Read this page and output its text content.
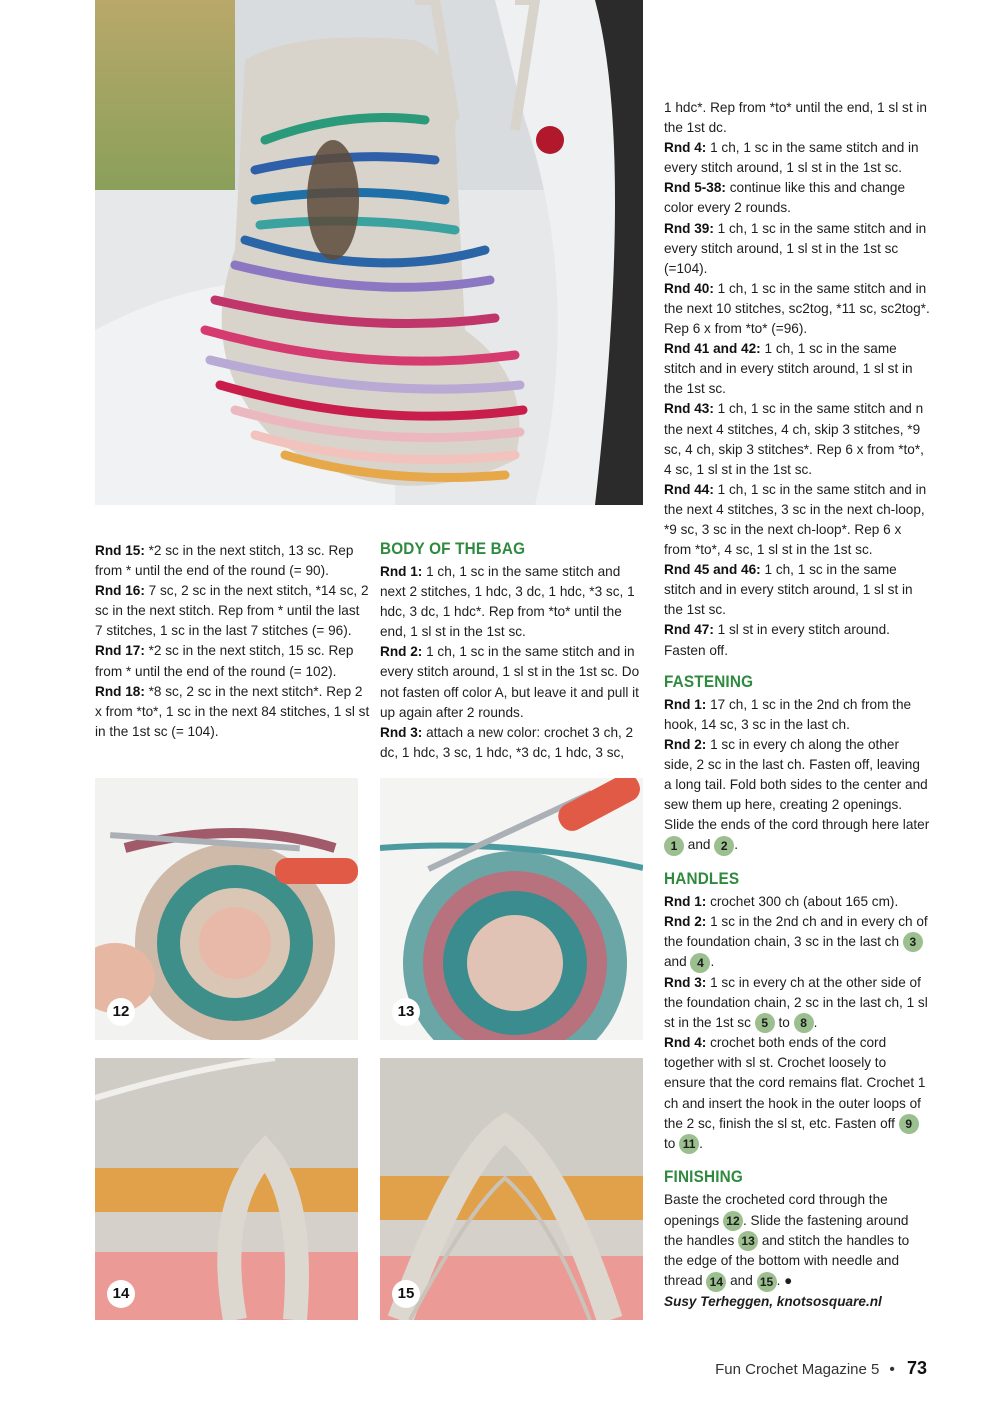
Rnd 15: *2 sc in the next stitch, 13 sc. Rep from * until the end of the round (= 90).

Rnd 16: 7 sc, 2 sc in the next stitch, *14 sc, 2 sc in the next stitch. Rep from * until the last 7 stitches, 1 sc in the last 7 stitches (= 96).

Rnd 17: *2 sc in the next stitch, 15 sc. Rep from * until the end of the round (= 102).

Rnd 18: *8 sc, 2 sc in the next stitch*. Rep 2 x from *to*, 1 sc in the next 84 stitches, 1 sl st in the 1st sc (= 104).

BODY OF THE BAG

Rnd 1: 1 ch, 1 sc in the same stitch and next 2 stitches, 1 hdc, 3 dc, 1 hdc, *3 sc, 1 hdc, 3 dc, 1 hdc*. Rep from *to* until the end, 1 sl st in the 1st sc.

Rnd 2: 1 ch, 1 sc in the same stitch and in every stitch around, 1 sl st in the 1st sc. Do not fasten off color A, but leave it and pull it up again after 2 rounds.

Rnd 3: attach a new color: crochet 3 ch, 2 dc, 1 hdc, 3 sc, 1 hdc, *3 dc, 1 hdc, 3 sc,

1 hdc*. Rep from *to* until the end, 1 sl st in the 1st dc.

Rnd 4: 1 ch, 1 sc in the same stitch and in every stitch around, 1 sl st in the 1st sc.

Rnd 5-38: continue like this and change color every 2 rounds.

Rnd 39: 1 ch, 1 sc in the same stitch and in every stitch around, 1 sl st in the 1st sc (=104).

Rnd 40: 1 ch, 1 sc in the same stitch and in the next 10 stitches, sc2tog, *11 sc, sc2tog*. Rep 6 x from *to* (=96).

Rnd 41 and 42: 1 ch, 1 sc in the same stitch and in every stitch around, 1 sl st in the 1st sc.

Rnd 43: 1 ch, 1 sc in the same stitch and n the next 4 stitches, 4 ch, skip 3 stitches, *9 sc, 4 ch, skip 3 stitches*. Rep 6 x from *to*, 4 sc, 1 sl st in the 1st sc.

Rnd 44: 1 ch, 1 sc in the same stitch and in the next 4 stitches, 3 sc in the next ch-loop, *9 sc, 3 sc in the next ch-loop*. Rep 6 x from *to*, 4 sc, 1 sl st in the 1st sc.

Rnd 45 and 46: 1 ch, 1 sc in the same stitch and in every stitch around, 1 sl st in the 1st sc.

Rnd 47: 1 sl st in every stitch around. Fasten off.

FASTENING

Rnd 1: 17 ch, 1 sc in the 2nd ch from the hook, 14 sc, 3 sc in the last ch.

Rnd 2: 1 sc in every ch along the other side, 2 sc in the last ch. Fasten off, leaving a long tail. Fold both sides to the center and sew them up here, creating 2 openings. Slide the ends of the cord through here later 1 and 2 .

HANDLES

Rnd 1: crochet 300 ch (about 165 cm).

Rnd 2: 1 sc in the 2nd ch and in every ch of the foundation chain, 3 sc in the last ch 3 and 4 .

Rnd 3: 1 sc in every ch at the other side of the foundation chain, 2 sc in the last ch, 1 sl st in the 1st sc 5 to 8 .

Rnd 4: crochet both ends of the cord together with sl st. Crochet loosely to ensure that the cord remains flat. Crochet 1 ch and insert the hook in the outer loops of the 2 sc, finish the sl st, etc. Fasten off 9 to 11 .

FINISHING

Baste the crocheted cord through the openings 12 . Slide the fastening around the handles 13 and stitch the handles to the edge of the bottom with needle and thread 14 and 15 . ●

Susy Terheggen, knotsosquare.nl

12	13
14	15
Fun Crochet Magazine 5 • 73
